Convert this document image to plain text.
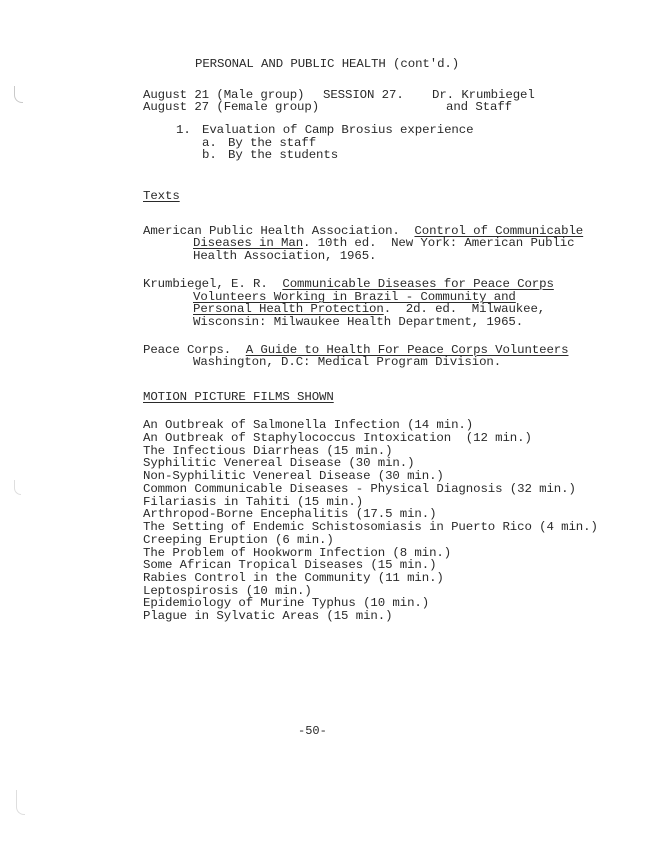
PERSONAL AND PUBLIC HEALTH (cont'd.)
August 21 (Male group)
August 27 (Female group)
SESSION 27. Dr. Krumbiegel
and Staff
1. Evaluation of Camp Brosius experience
a. By the staff
b. By the students
Texts
American Public Health Association.  Control of Communicable
Diseases in Man. 10th ed.  New York: American Public
Health Association, 1965.
Krumbiegel, E. R.  Communicable Diseases for Peace Corps
Volunteers Working in Brazil - Community and
Personal Health Protection.  2d. ed.  Milwaukee,
Wisconsin: Milwaukee Health Department, 1965.
Peace Corps.  A Guide to Health For Peace Corps Volunteers
Washington, D.C: Medical Program Division.
MOTION PICTURE FILMS SHOWN
An Outbreak of Salmonella Infection (14 min.)
An Outbreak of Staphylococcus Intoxication  (12 min.)
The Infectious Diarrheas (15 min.)
Syphilitic Venereal Disease (30 min.)
Non-Syphilitic Venereal Disease (30 min.)
Common Communicable Diseases - Physical Diagnosis (32 min.)
Filariasis in Tahiti (15 min.)
Arthropod-Borne Encephalitis (17.5 min.)
The Setting of Endemic Schistosomiasis in Puerto Rico (4 min.)
Creeping Eruption (6 min.)
The Problem of Hookworm Infection (8 min.)
Some African Tropical Diseases (15 min.)
Rabies Control in the Community (11 min.)
Leptospirosis (10 min.)
Epidemiology of Murine Typhus (10 min.)
Plague in Sylvatic Areas (15 min.)
-50-
